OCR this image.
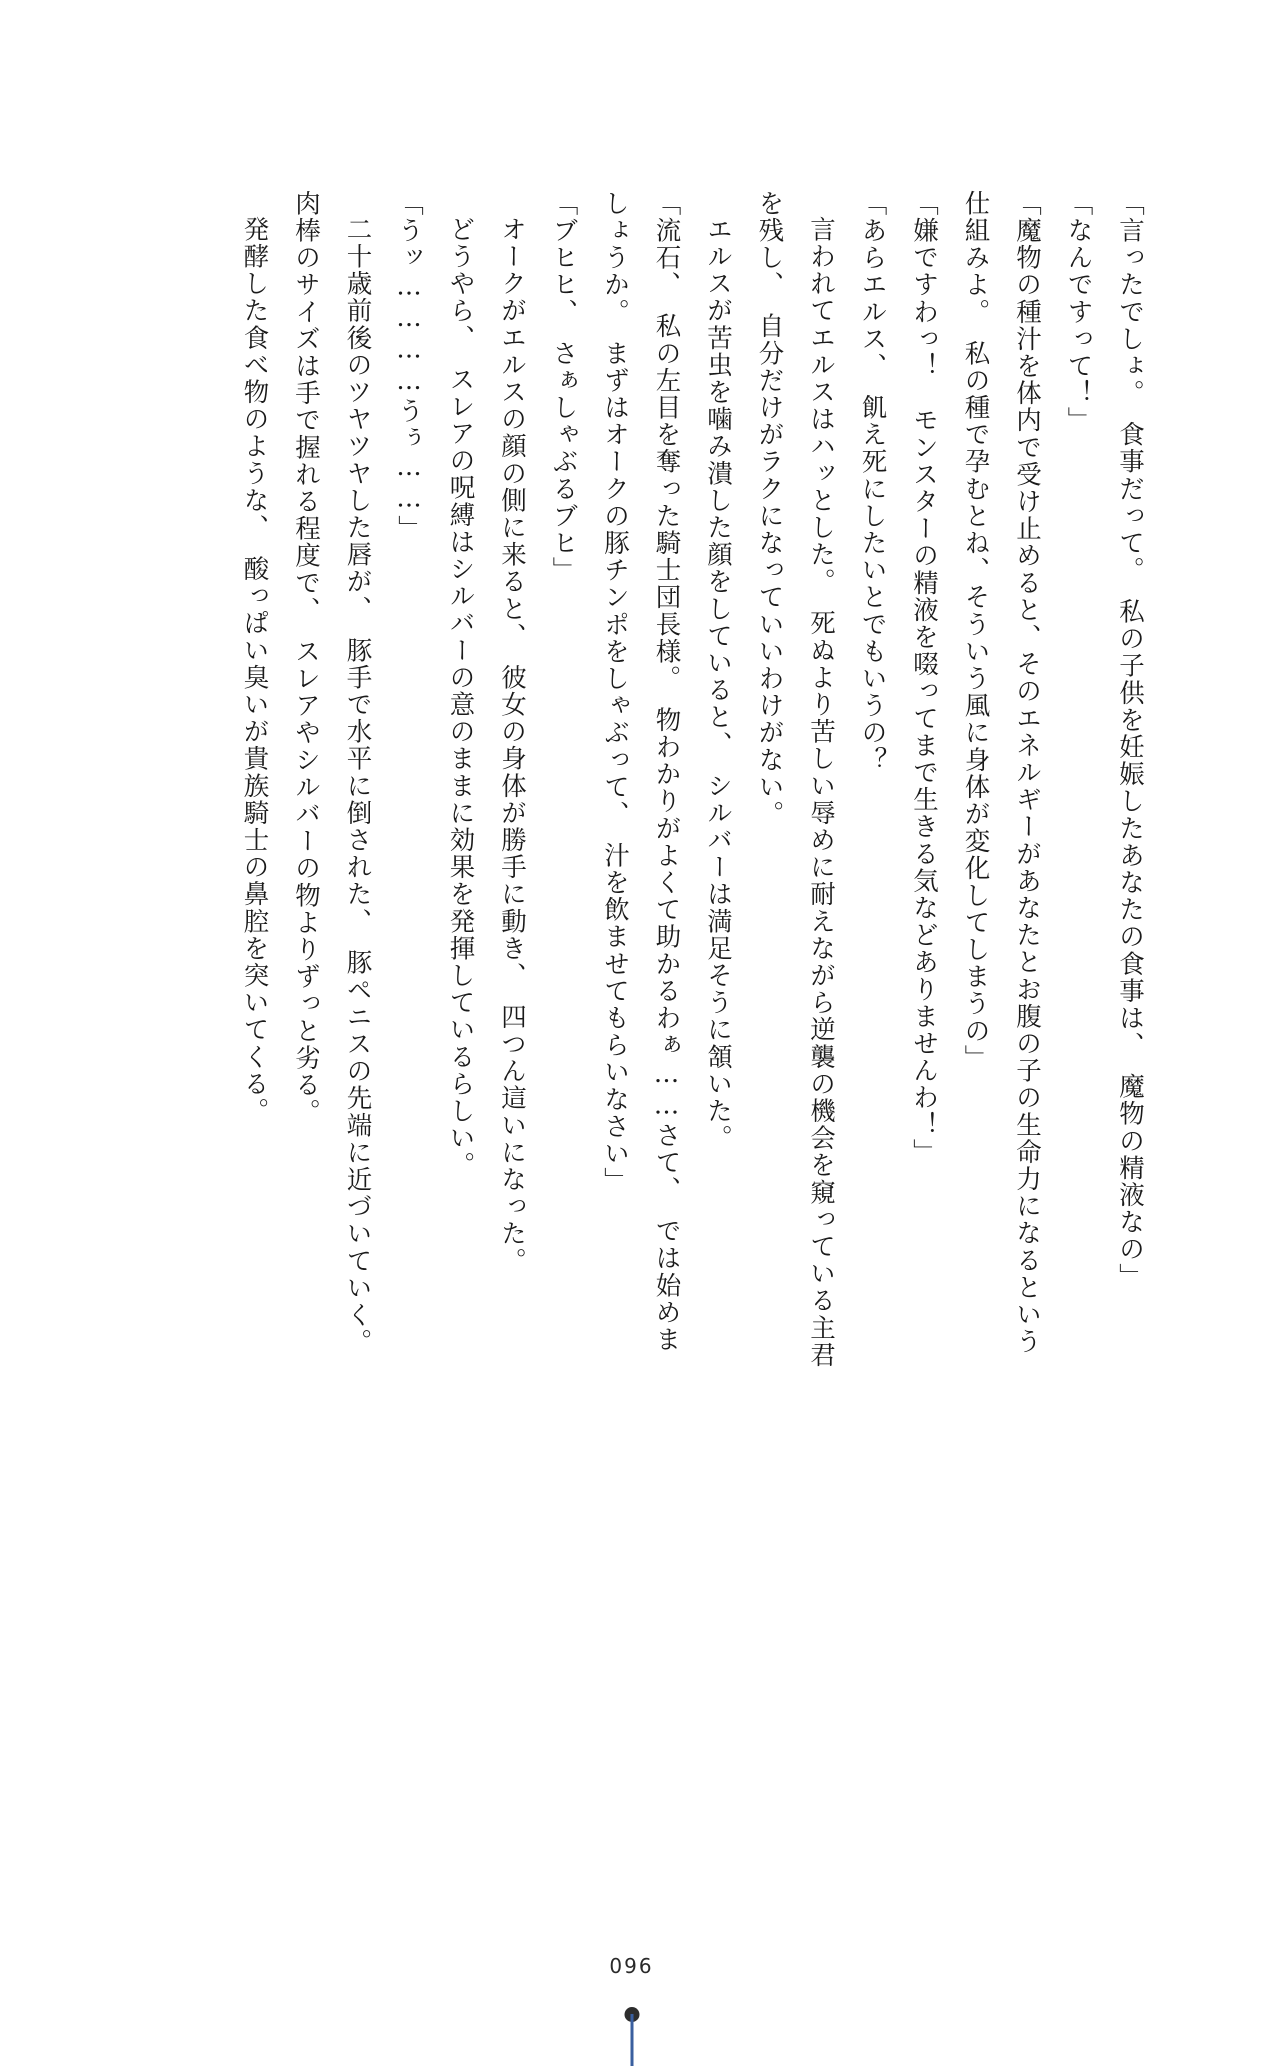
「言ったでしょ。　食事だって。　私の子供を妊娠したあなたの食事は、　魔物の精液なの」

「なんですって！」

「魔物の種汁を体内で受け止めると、そのエネルギーがあなたとお腹の子の生命力になるという仕組みよ。　私の種で孕むとね、そういう風に身体が変化してしまうの」

「嫌ですわっ！　モンスターの精液を啜ってまで生きる気などありませんわ！」

「あらエルス、　飢え死にしたいとでもいうの？

言われてエルスはハッとした。　死ぬより苦しい辱めに耐えながら逆襲の機会を窺っている主君を残し、　自分だけがラクになっていいわけがない。

エルスが苦虫を噛み潰した顔をしていると、　シルバーは満足そうに頷いた。

「流石、　私の左目を奪った騎士団長様。　物わかりがよくて助かるわぁ……さて、　では始めましょうか。　まずはオークの豚チンポをしゃぶって、　汁を飲ませてもらいなさい」

「ブヒヒ、　さぁしゃぶるブヒ」

オークがエルスの顔の側に来ると、　彼女の身体が勝手に動き、　四つん這いになった。

どうやら、　スレアの呪縛はシルバーの意のままに効果を発揮しているらしい。

「うッ…………うぅ……」

二十歳前後のツヤツヤした唇が、　豚手で水平に倒された、　豚ペニスの先端に近づいていく。　肉棒のサイズは手で握れる程度で、　スレアやシルバーの物よりずっと劣る。

発酵した食べ物のような、　酸っぱい臭いが貴族騎士の鼻腔を突いてくる。

096
